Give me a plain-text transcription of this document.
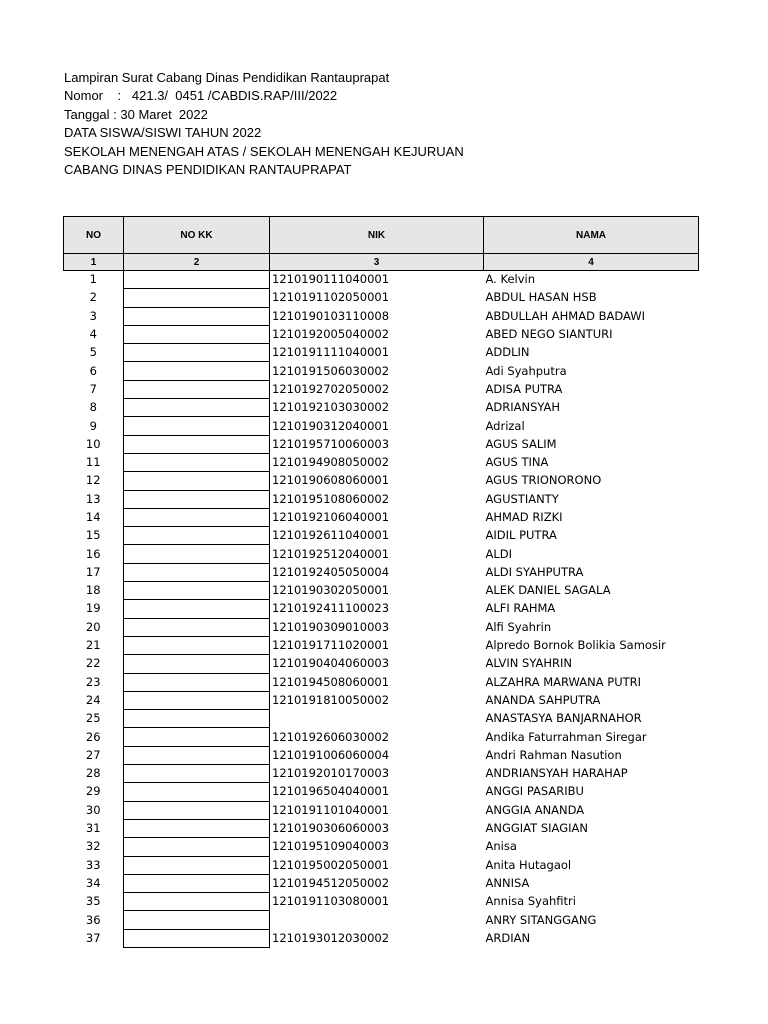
Lampiran Surat Cabang Dinas Pendidikan Rantauprapat
Nomor    :   421.3/  0451 /CABDIS.RAP/III/2022
Tanggal : 30 Maret  2022
DATA SISWA/SISWI TAHUN 2022
SEKOLAH MENENGAH ATAS / SEKOLAH MENENGAH KEJURUAN
CABANG DINAS PENDIDIKAN RANTAUPRAPAT
NO	NO KK	NIK	NAMA
1	2	3	4
1		1210190111040001	A. Kelvin
2		1210191102050001	ABDUL HASAN HSB
3		1210190103110008	ABDULLAH AHMAD BADAWI
4		1210192005040002	ABED NEGO SIANTURI
5		1210191111040001	ADDLIN
6		1210191506030002	Adi Syahputra
7		1210192702050002	ADISA PUTRA
8		1210192103030002	ADRIANSYAH
9		1210190312040001	Adrizal
10		1210195710060003	AGUS SALIM
11		1210194908050002	AGUS TINA
12		1210190608060001	AGUS TRIONORONO
13		1210195108060002	AGUSTIANTY
14		1210192106040001	AHMAD RIZKI
15		1210192611040001	AIDIL PUTRA
16		1210192512040001	ALDI
17		1210192405050004	ALDI SYAHPUTRA
18		1210190302050001	ALEK DANIEL SAGALA
19		1210192411100023	ALFI RAHMA
20		1210190309010003	Alfi Syahrin
21		1210191711020001	Alpredo Bornok Bolikia Samosir
22		1210190404060003	ALVIN SYAHRIN
23		1210194508060001	ALZAHRA MARWANA PUTRI
24		1210191810050002	ANANDA SAHPUTRA
25			ANASTASYA BANJARNAHOR
26		1210192606030002	Andika Faturrahman Siregar
27		1210191006060004	Andri Rahman Nasution
28		1210192010170003	ANDRIANSYAH HARAHAP
29		1210196504040001	ANGGI PASARIBU
30		1210191101040001	ANGGIA ANANDA
31		1210190306060003	ANGGIAT SIAGIAN
32		1210195109040003	Anisa
33		1210195002050001	Anita Hutagaol
34		1210194512050002	ANNISA
35		1210191103080001	Annisa Syahfitri
36			ANRY SITANGGANG
37		1210193012030002	ARDIAN
